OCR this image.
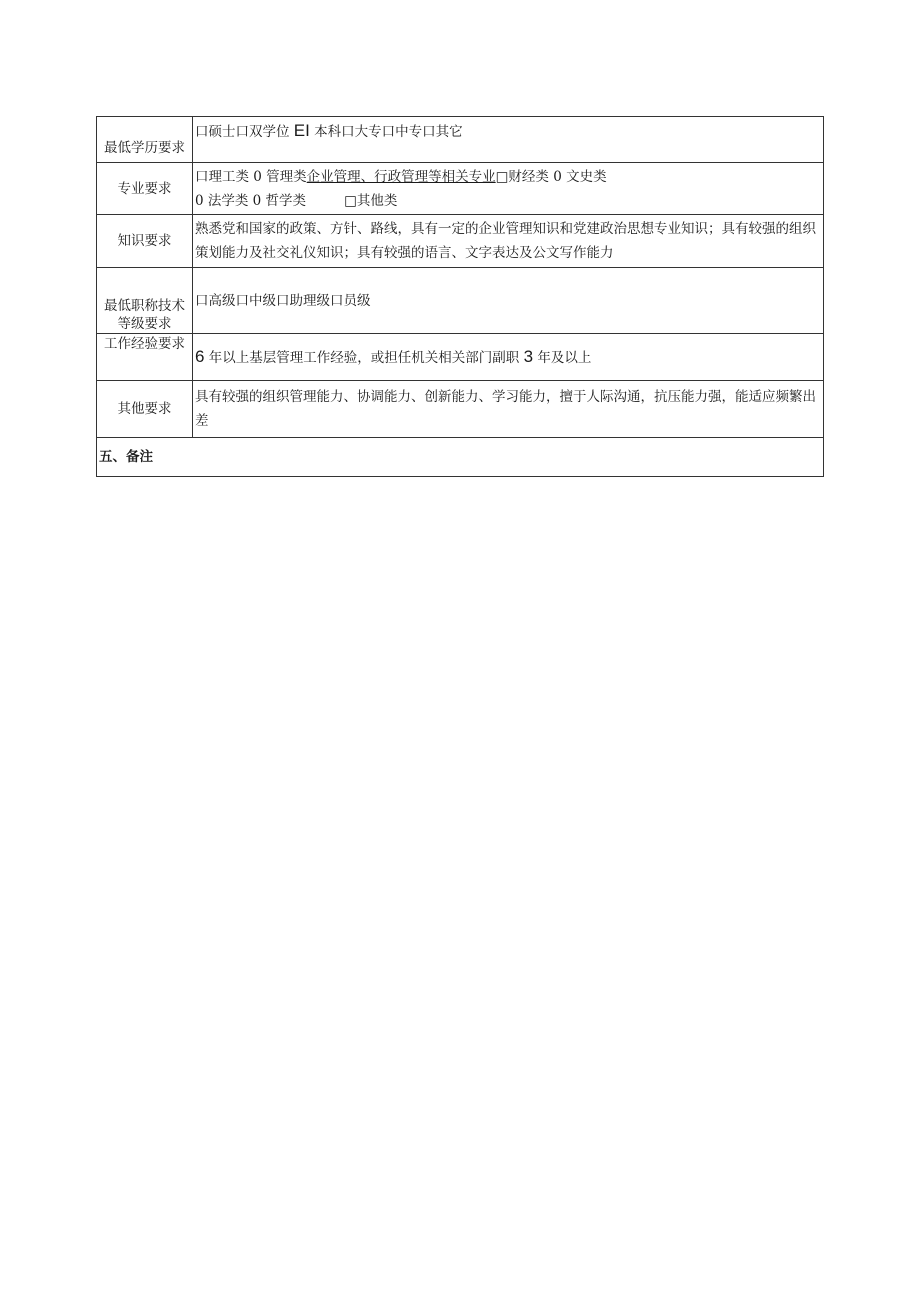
最低学历要求	口硕士口双学位 EI 本科口大专口中专口其它
专业要求	口理工类 0 管理类企业管理、行政管理等相关专业□财经类 0 文史类
0 法学类 0 哲学类 □其他类

知识要求	熟悉党和国家的政策、方针、路线，具有一定的企业管理知识和党建政治思想专业知识；具有较强的组织策划能力及社交礼仪知识；具有较强的语言、文字表达及公文写作能力

最低职称技术
等级要求	口高级口中级口助理级口员级
工作经验要求	6 年以上基层管理工作经验，或担任机关相关部门副职 3 年及以上
其他要求	具有较强的组织管理能力、协调能力、创新能力、学习能力，擅于人际沟通，抗压能力强，能适应频繁出差
五、备注	
